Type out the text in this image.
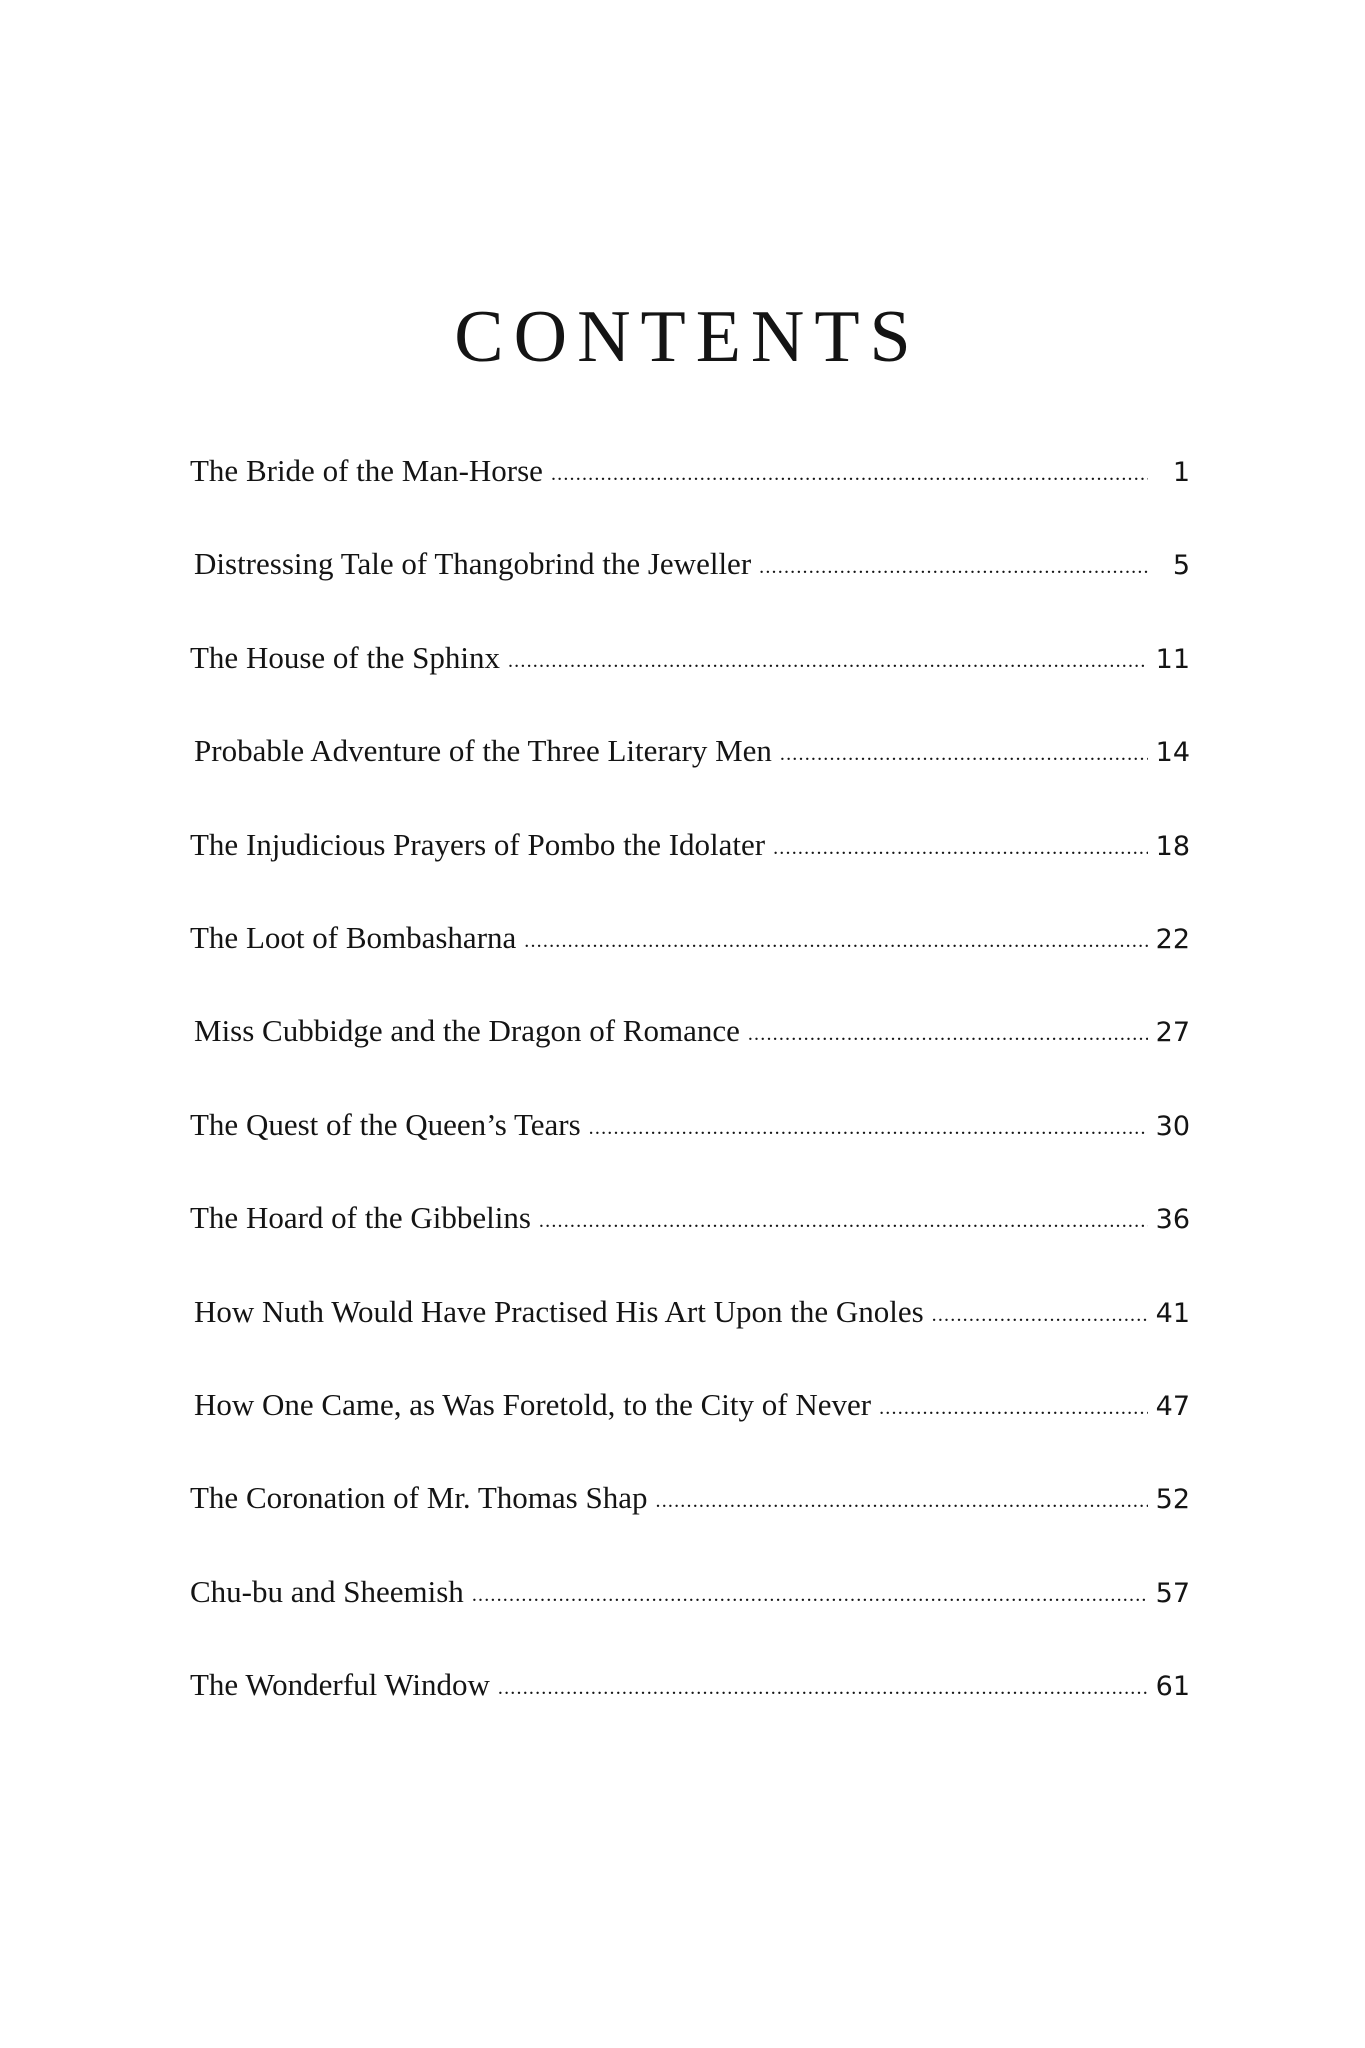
CONTENTS
The Bride of the Man-Horse .....	1
Distressing Tale of Thangobrind the Jeweller .....	5
The House of the Sphinx .....	11
Probable Adventure of the Three Literary Men .....	14
The Injudicious Prayers of Pombo the Idolater .....	18
The Loot of Bombasharna .....	22
Miss Cubbidge and the Dragon of Romance .....	27
The Quest of the Queen’s Tears .....	30
The Hoard of the Gibbelins .....	36
How Nuth Would Have Practised His Art Upon the Gnoles .....	41
How One Came, as Was Foretold, to the City of Never .....	47
The Coronation of Mr. Thomas Shap .....	52
Chu-bu and Sheemish .....	57
The Wonderful Window .....	61
